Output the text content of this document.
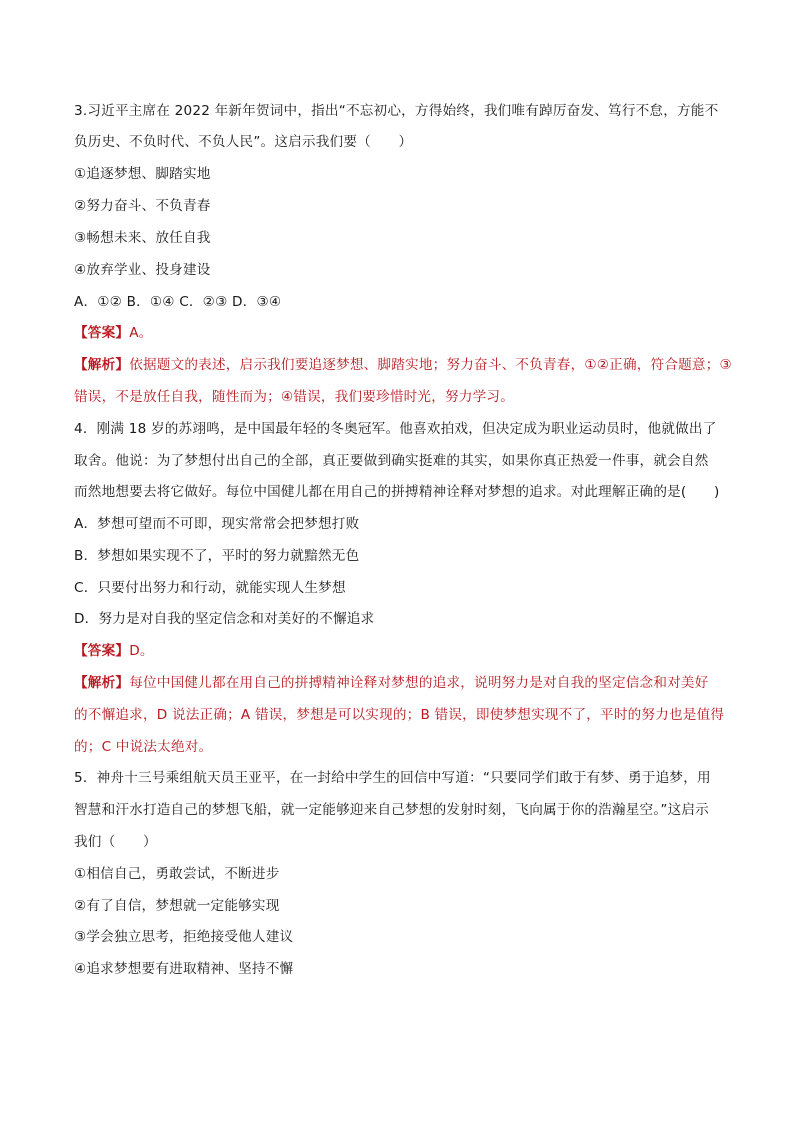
3.习近平主席在 2022 年新年贺词中，指出“不忘初心，方得始终，我们唯有踔厉奋发、笃行不怠，方能不
负历史、不负时代、不负人民”。这启示我们要（　　）
①追逐梦想、脚踏实地
②努力奋斗、不负青春
③畅想未来、放任自我
④放弃学业、投身建设
A．①② B．①④ C．②③ D．③④
【答案】A。
【解析】依据题文的表述，启示我们要追逐梦想、脚踏实地；努力奋斗、不负青春，①②正确，符合题意；③
错误，不是放任自我，随性而为；④错误，我们要珍惜时光，努力学习。
4．刚满 18 岁的苏翊鸣，是中国最年轻的冬奥冠军。他喜欢拍戏，但决定成为职业运动员时，他就做出了
取舍。他说：为了梦想付出自己的全部，真正要做到确实挺难的其实，如果你真正热爱一件事，就会自然
而然地想要去将它做好。每位中国健儿都在用自己的拼搏精神诠释对梦想的追求。对此理解正确的是(　　)
A．梦想可望而不可即，现实常常会把梦想打败
B．梦想如果实现不了，平时的努力就黯然无色
C．只要付出努力和行动，就能实现人生梦想
D．努力是对自我的坚定信念和对美好的不懈追求
【答案】D。
【解析】每位中国健儿都在用自己的拼搏精神诠释对梦想的追求，说明努力是对自我的坚定信念和对美好
的不懈追求，D 说法正确；A 错误，梦想是可以实现的；B 错误，即使梦想实现不了，平时的努力也是值得
的；C 中说法太绝对。
5．神舟十三号乘组航天员王亚平，在一封给中学生的回信中写道：“只要同学们敢于有梦、勇于追梦，用
智慧和汗水打造自己的梦想飞船，就一定能够迎来自己梦想的发射时刻，飞向属于你的浩瀚星空。”这启示
我们（　　）
①相信自己，勇敢尝试，不断进步
②有了自信，梦想就一定能够实现
③学会独立思考，拒绝接受他人建议
④追求梦想要有进取精神、坚持不懈
